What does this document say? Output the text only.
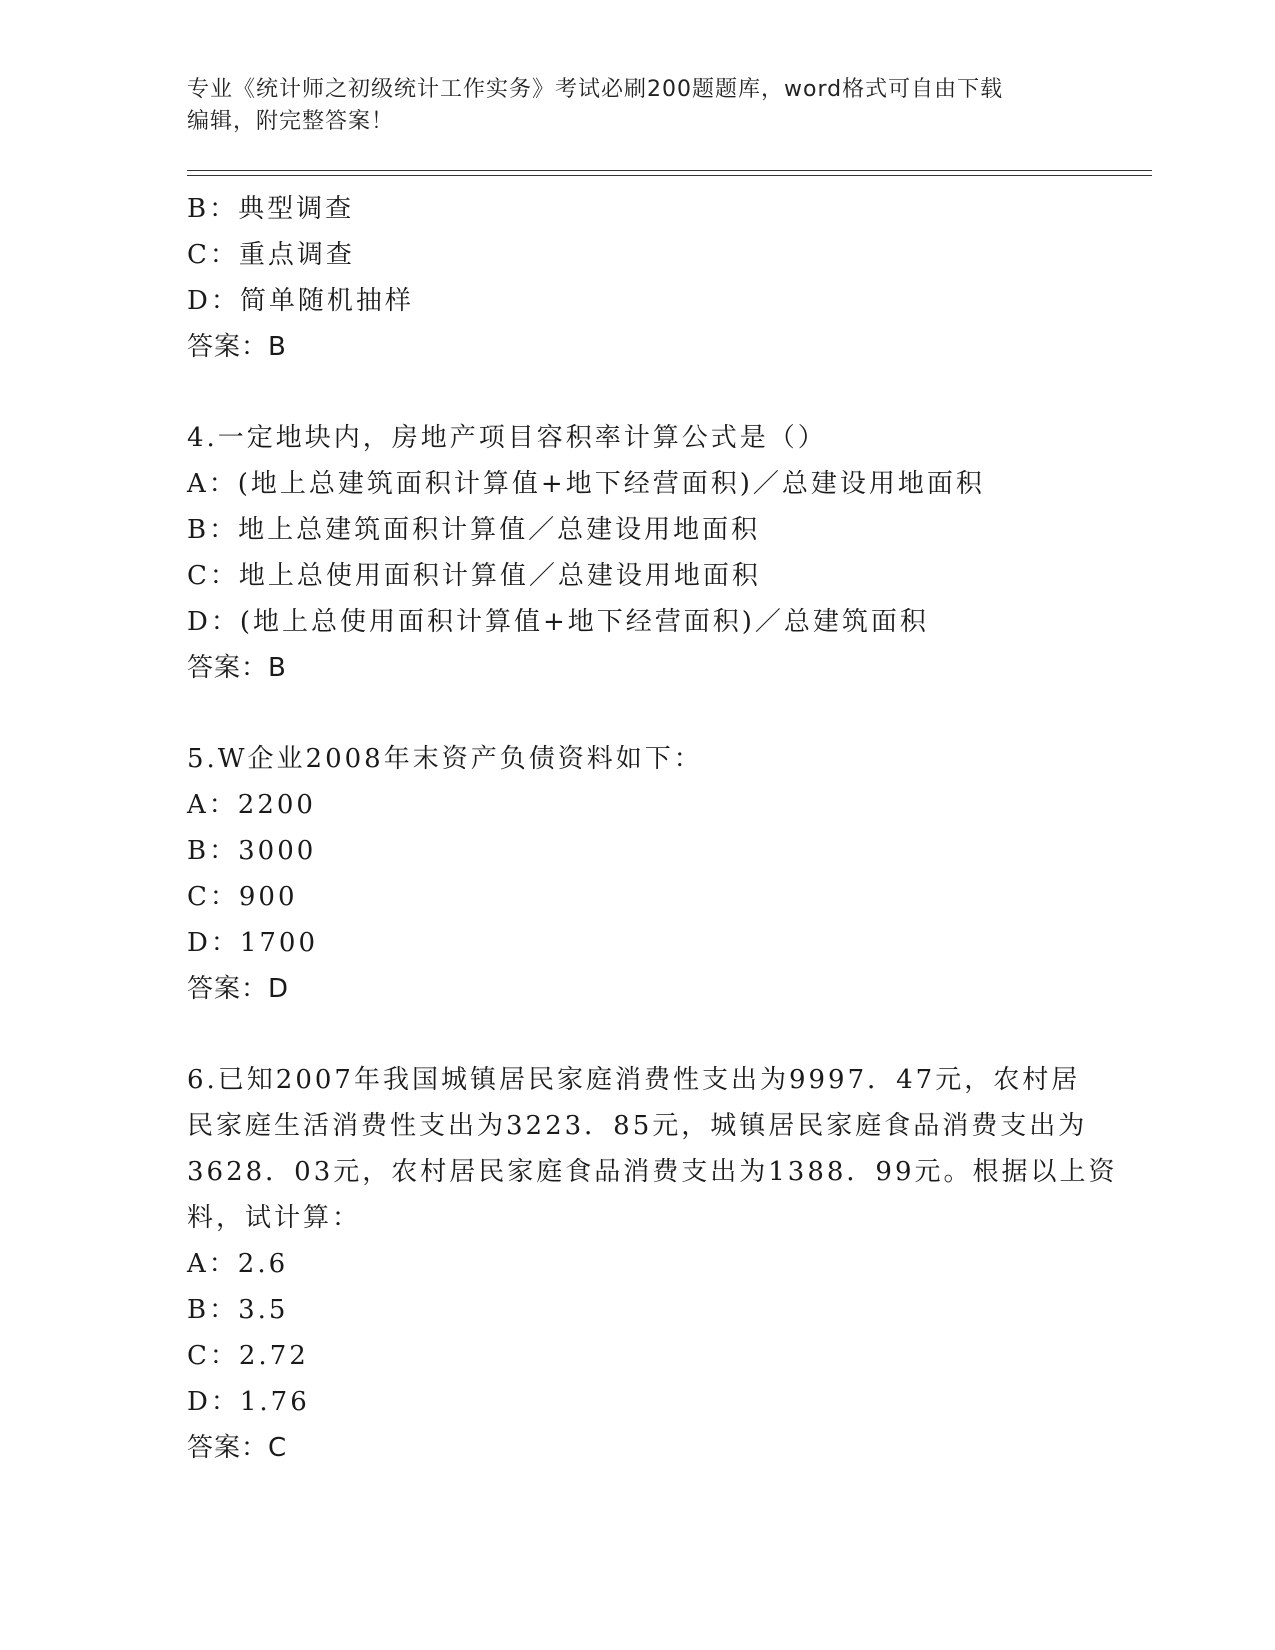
专业《统计师之初级统计工作实务》考试必刷200题题库，word格式可自由下载
编辑，附完整答案！
B：典型调查
C：重点调查
D：简单随机抽样
答案：B
4.一定地块内，房地产项目容积率计算公式是（）
A：(地上总建筑面积计算值+地下经营面积)／总建设用地面积
B：地上总建筑面积计算值／总建设用地面积
C：地上总使用面积计算值／总建设用地面积
D：(地上总使用面积计算值+地下经营面积)／总建筑面积
答案：B
5.W企业2008年末资产负债资料如下：
A：2200
B：3000
C：900
D：1700
答案：D
6.已知2007年我国城镇居民家庭消费性支出为9997．47元，农村居
民家庭生活消费性支出为3223．85元，城镇居民家庭食品消费支出为
3628．03元，农村居民家庭食品消费支出为1388．99元。根据以上资
料，试计算：
A：2.6
B：3.5
C：2.72
D：1.76
答案：C
